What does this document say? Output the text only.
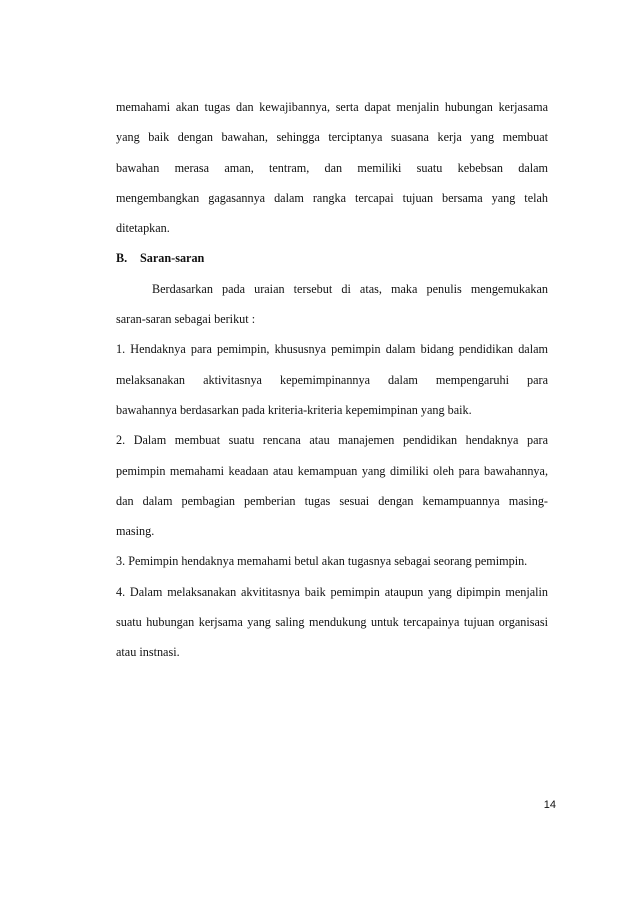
memahami akan tugas dan kewajibannya, serta dapat menjalin hubungan kerjasama
yang baik dengan bawahan, sehingga terciptanya suasana kerja yang membuat
bawahan merasa aman, tentram, dan memiliki suatu kebebsan dalam
mengembangkan gagasannya dalam rangka tercapai tujuan bersama yang telah
ditetapkan.
B. Saran-saran
Berdasarkan pada uraian tersebut di atas, maka penulis mengemukakan
saran-saran sebagai berikut :
1. Hendaknya para pemimpin, khususnya pemimpin dalam bidang pendidikan dalam
melaksanakan aktivitasnya kepemimpinannya dalam mempengaruhi para
bawahannya berdasarkan pada kriteria-kriteria kepemimpinan yang baik.
2. Dalam membuat suatu rencana atau manajemen pendidikan hendaknya para
pemimpin memahami keadaan atau kemampuan yang dimiliki oleh para bawahannya,
dan dalam pembagian pemberian tugas sesuai dengan kemampuannya masing-
masing.
3. Pemimpin hendaknya memahami betul akan tugasnya sebagai seorang pemimpin.
4. Dalam melaksanakan akvititasnya baik pemimpin ataupun yang dipimpin menjalin
suatu hubungan kerjsama yang saling mendukung untuk tercapainya tujuan organisasi
atau instnasi.
14
